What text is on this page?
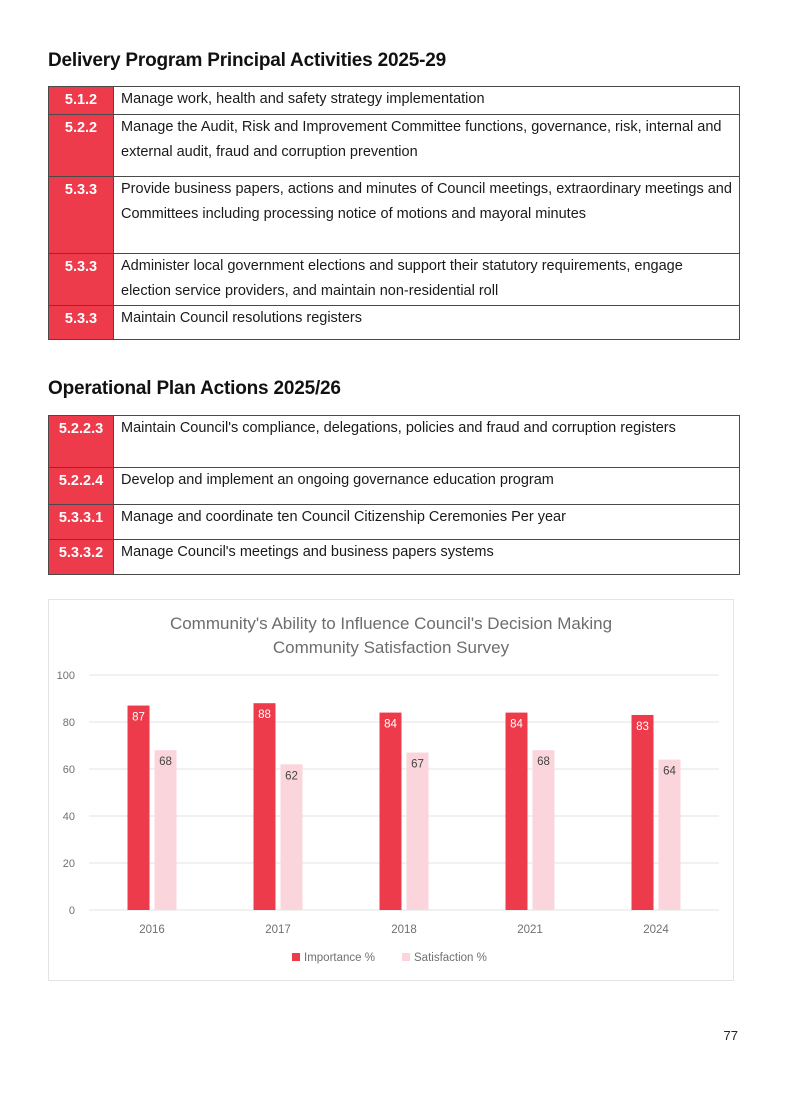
Delivery Program Principal Activities 2025-29
5.1.2	Manage work, health and safety strategy implementation
5.2.2	Manage the Audit, Risk and Improvement Committee functions, governance, risk, internal and external audit, fraud and corruption prevention
5.3.3	Provide business papers, actions and minutes of Council meetings, extraordinary meetings and Committees including processing notice of motions and mayoral minutes
5.3.3	Administer local government elections and support their statutory requirements, engage election service providers, and maintain non-residential roll
5.3.3	Maintain Council resolutions registers
Operational Plan Actions 2025/26
5.2.2.3	Maintain Council's compliance, delegations, policies and fraud and corruption registers
5.2.2.4	Develop and implement an ongoing governance education program
5.3.3.1	Manage and coordinate ten Council Citizenship Ceremonies Per year
5.3.3.2	Manage Council's meetings and business papers systems
Community's Ability to Influence Council's Decision Making
Community Satisfaction Survey
0
20
40
60
80
100
87
68
88
62
84
67
84
68
83
64
2016	2017	2018	2021	2024
Importance %	Satisfaction %
77
